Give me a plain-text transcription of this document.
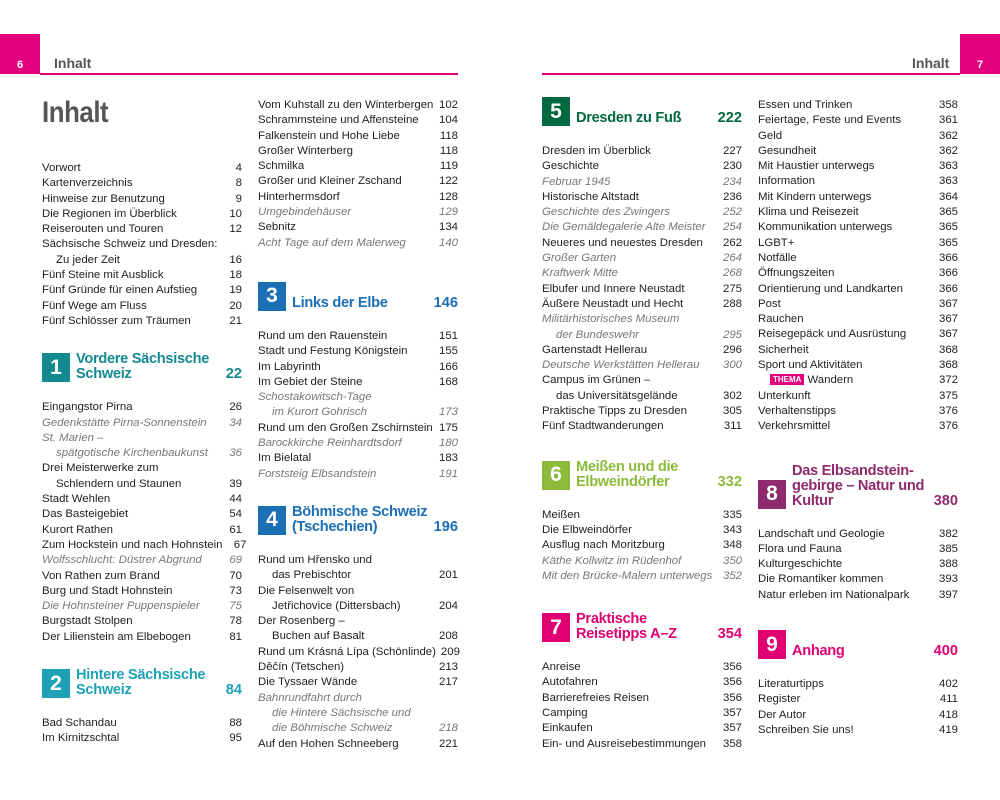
6	7
Inhalt	Inhalt
Inhalt
Vorwort	4
Kartenverzeichnis	8
Hinweise zur Benutzung	9
Die Regionen im Überblick	10
Reiserouten und Touren	12
Sächsische Schweiz und Dresden:
Zu jeder Zeit	16
Fünf Steine mit Ausblick	18
Fünf Gründe für einen Aufstieg	19
Fünf Wege am Fluss	20
Fünf Schlösser zum Träumen	21
1 Vordere Sächsische Schweiz	22
Eingangstor Pirna	26
Gedenkstätte Pirna-Sonnenstein	34
St. Marien –
spätgotische Kirchenbaukunst	36
Drei Meisterwerke zum
Schlendern und Staunen	39
Stadt Wehlen	44
Das Basteigebiet	54
Kurort Rathen	61
Zum Hockstein und nach Hohnstein 67
Wolfsschlucht: Düstrer Abgrund	69
Von Rathen zum Brand	70
Burg und Stadt Hohnstein	73
Die Hohnsteiner Puppenspieler	75
Burgstadt Stolpen	78
Der Lilienstein am Elbebogen	81
2 Hintere Sächsische Schweiz	84
Bad Schandau	88
Im Kirnitzschtal	95
Vom Kuhstall zu den Winterbergen 102
Schrammsteine und Affensteine	104
Falkenstein und Hohe Liebe	118
Großer Winterberg	118
Schmilka	119
Großer und Kleiner Zschand	122
Hinterhermsdorf	128
Umgebindehäuser	129
Sebnitz	134
Acht Tage auf dem Malerweg	140
3 Links der Elbe	146
Rund um den Rauenstein	151
Stadt und Festung Königstein	155
Im Labyrinth	166
Im Gebiet der Steine	168
Schostakowitsch-Tage
im Kurort Gohrisch	173
Rund um den Großen Zschirnstein 175
Barockkirche Reinhardtsdorf	180
Im Bielatal	183
Forststeig Elbsandstein	191
4 Böhmische Schweiz (Tschechien)	196
Rund um Hřensko und
das Prebischtor	201
Die Felsenwelt von
Jetřichovice (Dittersbach)	204
Der Rosenberg –
Buchen auf Basalt	208
Rund um Krásná Lípa (Schönlinde) 209
Děčín (Tetschen)	213
Die Tyssaer Wände	217
Bahnrundfahrt durch
die Hintere Sächsische und
die Böhmische Schweiz	218
Auf den Hohen Schneeberg	221
5 Dresden zu Fuß	222
Dresden im Überblick	227
Geschichte	230
Februar 1945	234
Historische Altstadt	236
Geschichte des Zwingers	252
Die Gemäldegalerie Alte Meister	254
Neueres und neuestes Dresden	262
Großer Garten	264
Kraftwerk Mitte	268
Elbufer und Innere Neustadt	275
Äußere Neustadt und Hecht	288
Militärhistorisches Museum
der Bundeswehr	295
Gartenstadt Hellerau	296
Deutsche Werkstätten Hellerau	300
Campus im Grünen –
das Universitätsgelände	302
Praktische Tipps zu Dresden	305
Fünf Stadtwanderungen	311
6 Meißen und die Elbweindörfer	332
Meißen	335
Die Elbweindörfer	343
Ausflug nach Moritzburg	348
Käthe Kollwitz im Rüdenhof	350
Mit den Brücke-Malern unterwegs 352
7 Praktische Reisetipps A–Z	354
Anreise	356
Autofahren	356
Barrierefreies Reisen	356
Camping	357
Einkaufen	357
Ein- und Ausreisebestimmungen	358
Essen und Trinken	358
Feiertage, Feste und Events	361
Geld	362
Gesundheit	362
Mit Haustier unterwegs	363
Information	363
Mit Kindern unterwegs	364
Klima und Reisezeit	365
Kommunikation unterwegs	365
LGBT+	365
Notfälle	366
Öffnungszeiten	366
Orientierung und Landkarten	366
Post	367
Rauchen	367
Reisegepäck und Ausrüstung	367
Sicherheit	368
Sport und Aktivitäten	368
THEMA Wandern	372
Unterkunft	375
Verhaltenstipps	376
Verkehrsmittel	376
8
Das Elbsandstein-gebirge – Natur und Kultur	380
Landschaft und Geologie	382
Flora und Fauna	385
Kulturgeschichte	388
Die Romantiker kommen	393
Natur erleben im Nationalpark	397
9 Anhang	400
Literaturtipps	402
Register	411
Der Autor	418
Schreiben Sie uns!	419
